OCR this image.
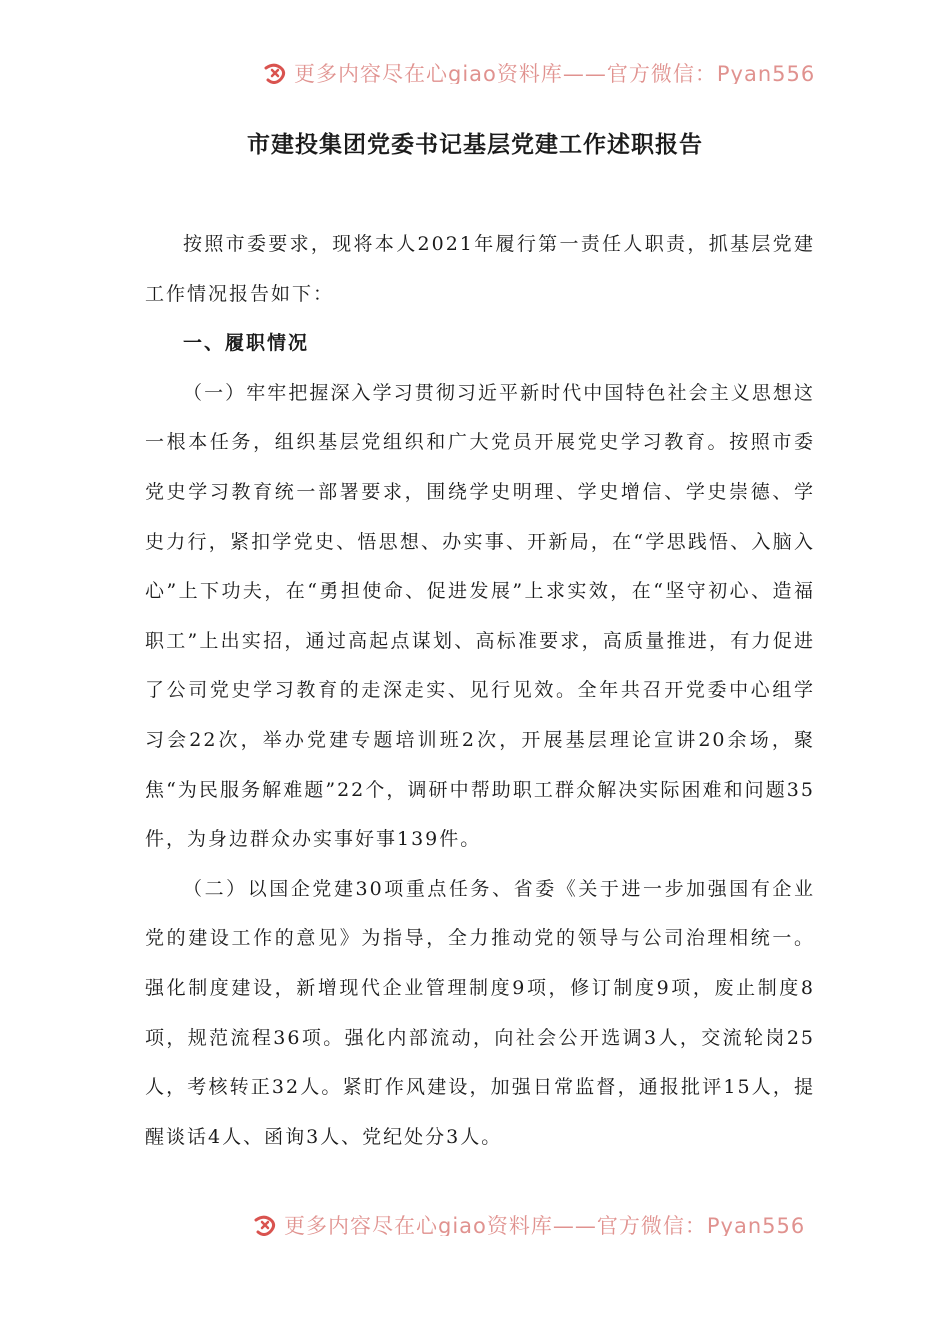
更多内容尽在心giao资料库——官方微信：Pyan556
市建投集团党委书记基层党建工作述职报告

按照市委要求，现将本人2021年履行第一责任人职责，抓基层党建工作情况报告如下：

一、履职情况

（一）牢牢把握深入学习贯彻习近平新时代中国特色社会主义思想这一根本任务，组织基层党组织和广大党员开展党史学习教育。按照市委党史学习教育统一部署要求，围绕学史明理、学史增信、学史崇德、学史力行，紧扣学党史、悟思想、办实事、开新局，在“学思践悟、入脑入心”上下功夫，在“勇担使命、促进发展”上求实效，在“坚守初心、造福职工”上出实招，通过高起点谋划、高标准要求，高质量推进，有力促进了公司党史学习教育的走深走实、见行见效。全年共召开党委中心组学习会22次，举办党建专题培训班2次，开展基层理论宣讲20余场，聚焦“为民服务解难题”22个，调研中帮助职工群众解决实际困难和问题35件，为身边群众办实事好事139件。

（二）以国企党建30项重点任务、省委《关于进一步加强国有企业党的建设工作的意见》为指导，全力推动党的领导与公司治理相统一。强化制度建设，新增现代企业管理制度9项，修订制度9项，废止制度8项，规范流程36项。强化内部流动，向社会公开选调3人，交流轮岗25人，考核转正32人。紧盯作风建设，加强日常监督，通报批评15人，提醒谈话4人、函询3人、党纪处分3人。

更多内容尽在心giao资料库——官方微信：Pyan556
